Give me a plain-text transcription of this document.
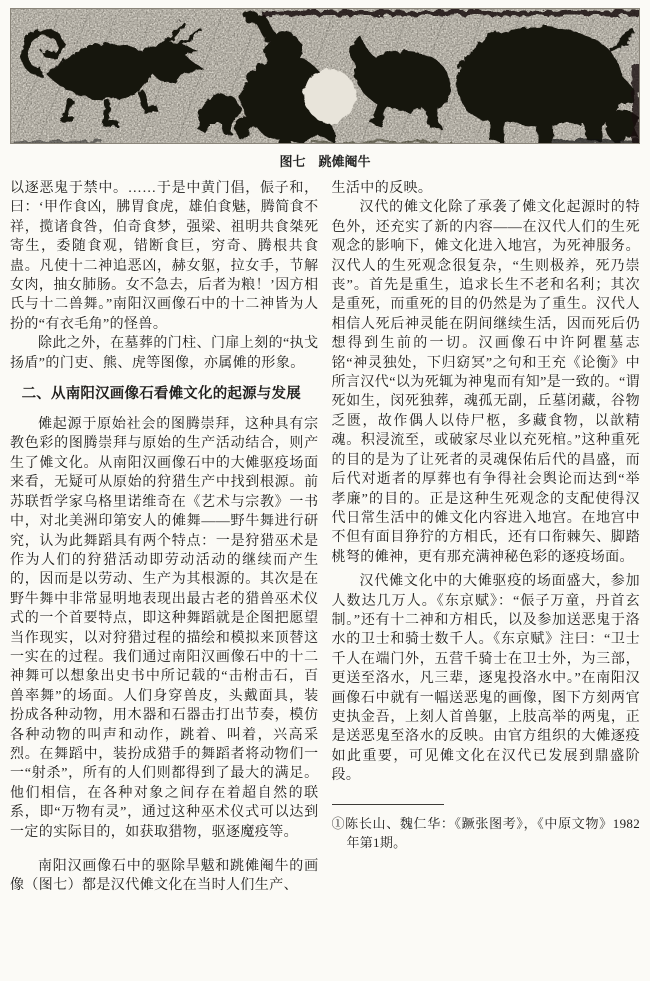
图七　跳傩阉牛

以逐恶鬼于禁中。……于是中黄门倡，侲子和，曰：‘甲作食凶，胇胃食虎，雄伯食魅，腾简食不祥，揽诸食咎，伯奇食梦，强梁、祖明共食桀死寄生，委随食观，错断食巨，穷奇、腾根共食蛊。凡使十二神追恶凶，赫女躯，拉女手，节解女肉，抽女肺肠。女不急去，后者为粮！’因方相氏与十二兽舞。”南阳汉画像石中的十二神皆为人扮的“有衣毛角”的怪兽。

除此之外，在墓葬的门柱、门扉上刻的“执戈扬盾”的门吏、熊、虎等图像，亦属傩的形象。

二、从南阳汉画像石看傩文化的起源与发展

傩起源于原始社会的图腾崇拜，这种具有宗教色彩的图腾崇拜与原始的生产活动结合，则产生了傩文化。从南阳汉画像石中的大傩驱疫场面来看，无疑可从原始的狩猎生产中找到根源。前苏联哲学家乌格里诺维奇在《艺术与宗教》一书中，对北美洲印第安人的傩舞——野牛舞进行研究，认为此舞蹈具有两个特点：一是狩猎巫术是作为人们的狩猎活动即劳动活动的继续而产生的，因而是以劳动、生产为其根源的。其次是在野牛舞中非常显明地表现出最古老的猎兽巫术仪式的一个首要特点，即这种舞蹈就是企图把愿望当作现实，以对狩猎过程的描绘和模拟来顶替这一实在的过程。我们通过南阳汉画像石中的十二神舞可以想象出史书中所记载的“击柎击石，百兽率舞”的场面。人们身穿兽皮，头戴面具，装扮成各种动物，用木器和石器击打出节奏，模仿各种动物的叫声和动作，跳着、叫着，兴高采烈。在舞蹈中，装扮成猎手的舞蹈者将动物们一一“射杀”，所有的人们则都得到了最大的满足。他们相信，在各种对象之间存在着超自然的联系，即“万物有灵”，通过这种巫术仪式可以达到一定的实际目的，如获取猎物，驱逐魔疫等。

南阳汉画像石中的驱除旱魃和跳傩阉牛的画像（图七）都是汉代傩文化在当时人们生产、

生活中的反映。

汉代的傩文化除了承袭了傩文化起源时的特色外，还充实了新的内容——在汉代人们的生死观念的影响下，傩文化进入地宫，为死神服务。汉代人的生死观念很复杂，“生则极养，死乃崇丧”。首先是重生，追求长生不老和名利；其次是重死，而重死的目的仍然是为了重生。汉代人相信人死后神灵能在阴间继续生活，因而死后仍想得到生前的一切。汉画像石中许阿瞿墓志铭“神灵独处，下归窈冥”之句和王充《论衡》中所言汉代“以为死辄为神鬼而有知”是一致的。“谓死如生，闵死独葬，魂孤无副，丘墓闭藏，谷物乏匮，故作偶人以侍尸柩，多藏食物，以歆精魂。积浸流至，或破家尽业以充死棺。”这种重死的目的是为了让死者的灵魂保佑后代的昌盛，而后代对逝者的厚葬也有争得社会舆论而达到“举孝廉”的目的。正是这种生死观念的支配使得汉代日常生活中的傩文化内容进入地宫。在地宫中不但有面目狰狞的方相氏，还有口衔棘矢、脚踏桃弩的傩神，更有那充满神秘色彩的逐疫场面。

汉代傩文化中的大傩驱疫的场面盛大，参加人数达几万人。《东京赋》：“侲子万童，丹首玄制。”还有十二神和方相氏，以及参加送恶鬼于洛水的卫士和骑士数千人。《东京赋》注曰：“卫士千人在端门外，五营千骑士在卫士外，为三部，更送至洛水，凡三辈，逐鬼投洛水中。”在南阳汉画像石中就有一幅送恶鬼的画像，图下方刻两官吏执金吾，上刻人首兽躯，上肢高举的两鬼，正是送恶鬼至洛水的反映。由官方组织的大傩逐疫如此重要，可见傩文化在汉代已发展到鼎盛阶段。

①陈长山、魏仁华：《蹶张图考》，《中原文物》1982年第1期。
